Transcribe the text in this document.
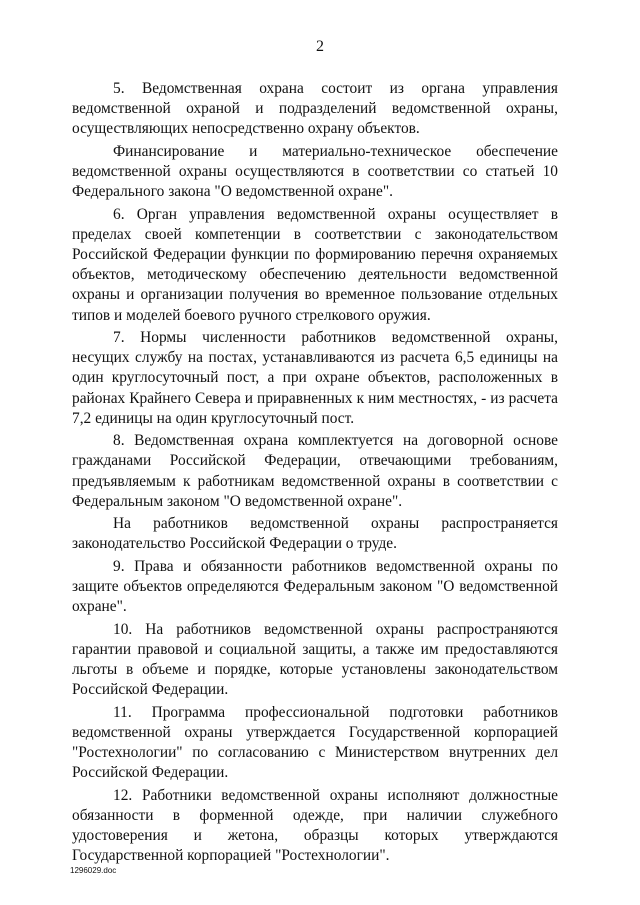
2

5. Ведомственная охрана состоит из органа управления ведомственной охраной и подразделений ведомственной охраны, осуществляющих непосредственно охрану объектов.

Финансирование и материально-техническое обеспечение ведомственной охраны осуществляются в соответствии со статьей 10 Федерального закона "О ведомственной охране".

6. Орган управления ведомственной охраны осуществляет в пределах своей компетенции в соответствии с законодательством Российской Федерации функции по формированию перечня охраняемых объектов, методическому обеспечению деятельности ведомственной охраны и организации получения во временное пользование отдельных типов и моделей боевого ручного стрелкового оружия.

7. Нормы численности работников ведомственной охраны, несущих службу на постах, устанавливаются из расчета 6,5 единицы на один круглосуточный пост, а при охране объектов, расположенных в районах Крайнего Севера и приравненных к ним местностях, - из расчета 7,2 единицы на один круглосуточный пост.

8. Ведомственная охрана комплектуется на договорной основе гражданами Российской Федерации, отвечающими требованиям, предъявляемым к работникам ведомственной охраны в соответствии с Федеральным законом "О ведомственной охране".

На работников ведомственной охраны распространяется законодательство Российской Федерации о труде.

9. Права и обязанности работников ведомственной охраны по защите объектов определяются Федеральным законом "О ведомственной охране".

10. На работников ведомственной охраны распространяются гарантии правовой и социальной защиты, а также им предоставляются льготы в объеме и порядке, которые установлены законодательством Российской Федерации.

11. Программа профессиональной подготовки работников ведомственной охраны утверждается Государственной корпорацией "Ростехнологии" по согласованию с Министерством внутренних дел Российской Федерации.

12. Работники ведомственной охраны исполняют должностные обязанности в форменной одежде, при наличии служебного удостоверения и жетона, образцы которых утверждаются Государственной корпорацией "Ростехнологии".

1296029.doc
